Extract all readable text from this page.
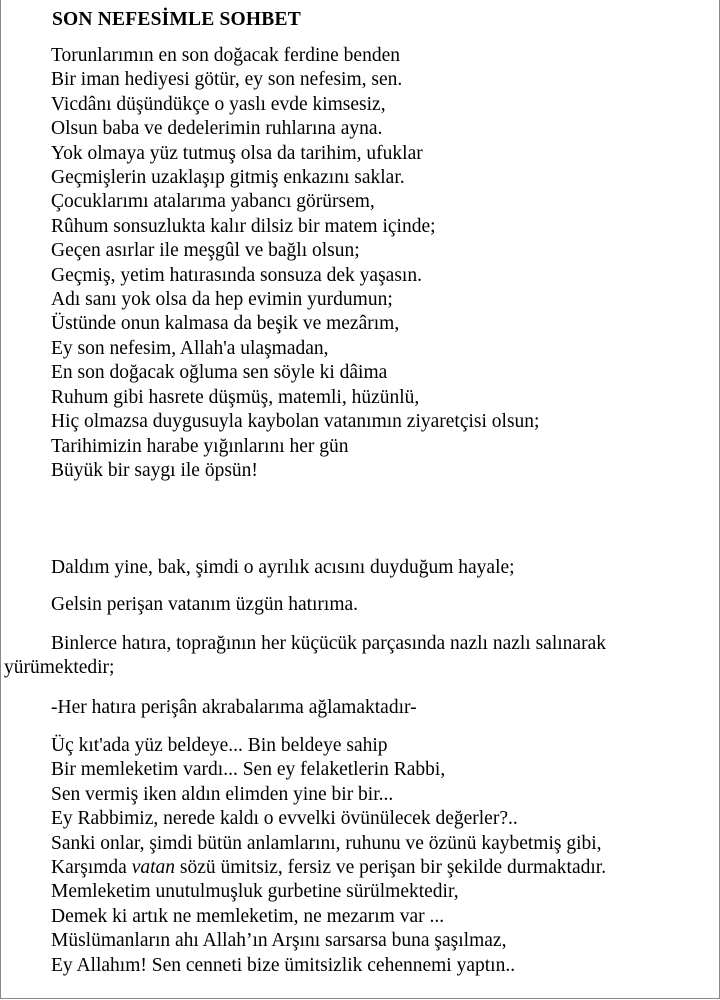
SON NEFESİMLE SOHBET
Torunlarımın en son doğacak ferdine benden
Bir iman hediyesi götür, ey son nefesim, sen.
Vicdânı düşündükçe o yaslı evde kimsesiz,
Olsun baba ve dedelerimin ruhlarına ayna.
Yok olmaya yüz tutmuş olsa da tarihim, ufuklar
Geçmişlerin uzaklaşıp gitmiş enkazını saklar.
Çocuklarımı atalarıma yabancı görürsem,
Rûhum sonsuzlukta kalır dilsiz bir matem içinde;
Geçen asırlar ile meşgûl ve bağlı olsun;
Geçmiş, yetim hatırasında sonsuza dek yaşasın.
Adı sanı yok olsa da hep evimin yurdumun;
Üstünde onun kalmasa da beşik ve mezârım,
Ey son nefesim, Allah'a ulaşmadan,
En son doğacak oğluma sen söyle ki dâima
Ruhum gibi hasrete düşmüş, matemli, hüzünlü,
Hiç olmazsa duygusuyla kaybolan vatanımın ziyaretçisi olsun;
Tarihimizin harabe yığınlarını her gün
Büyük bir saygı ile öpsün!

Daldım yine, bak, şimdi o ayrılık acısını duyduğum hayale;

Gelsin perişan vatanım üzgün hatırıma.

Binlerce hatıra, toprağının her küçücük parçasında nazlı nazlı salınarak yürümektedir;

-Her hatıra perişân akrabalarıma ağlamaktadır-

Üç kıt'ada yüz beldeye... Bin beldeye sahip
Bir memleketim vardı... Sen ey felaketlerin Rabbi,
Sen vermiş iken aldın elimden yine bir bir...
Ey Rabbimiz, nerede kaldı o evvelki övünülecek değerler?..
Sanki onlar, şimdi bütün anlamlarını, ruhunu ve özünü kaybetmiş gibi,
Karşımda vatan sözü ümitsiz, fersiz ve perişan bir şekilde durmaktadır.
Memleketim unutulmuşluk gurbetine sürülmektedir,
Demek ki artık ne memleketim, ne mezarım var ...
Müslümanların ahı Allah’ın Arşını sarsarsa buna şaşılmaz,
Ey Allahım! Sen cenneti bize ümitsizlik cehennemi yaptın..
